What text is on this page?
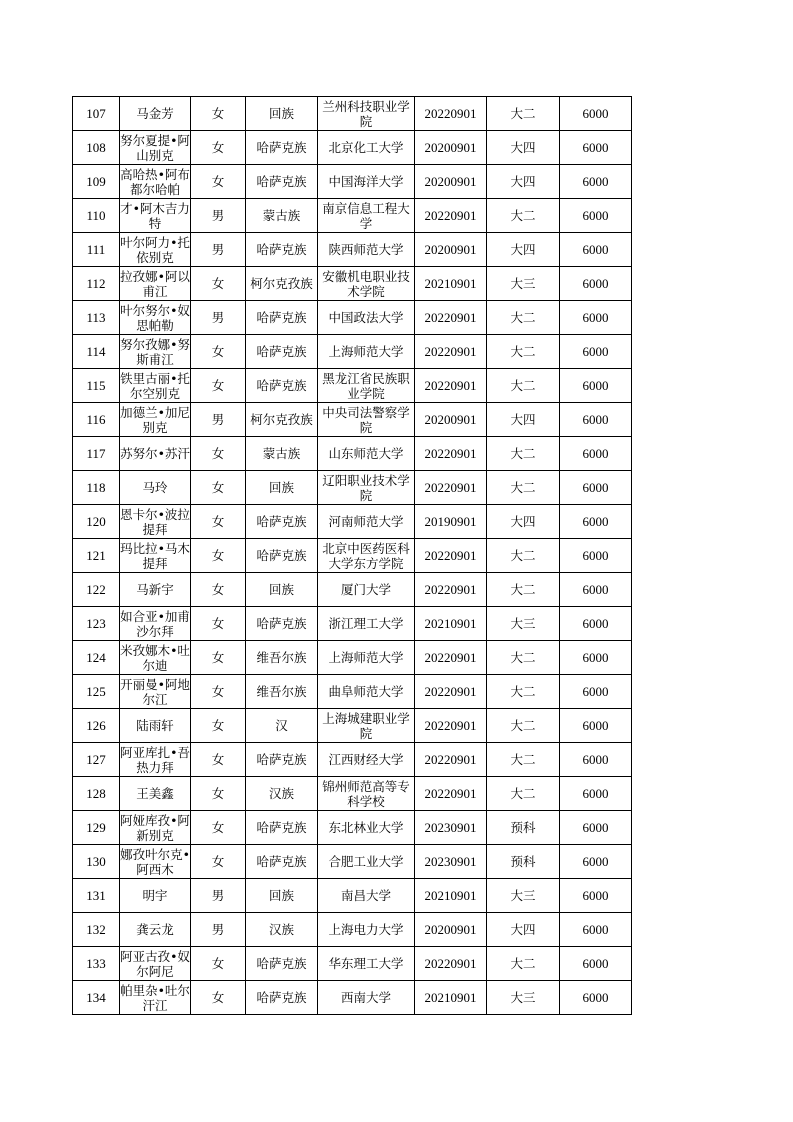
107	马金芳	女	回族	兰州科技职业学院	20220901	大二	6000
108	努尔夏提•阿山别克	女	哈萨克族	北京化工大学	20200901	大四	6000
109	高哈热•阿布都尔哈帕	女	哈萨克族	中国海洋大学	20200901	大四	6000
110	才•阿木吉力特	男	蒙古族	南京信息工程大学	20220901	大二	6000
111	叶尔阿力•托依别克	男	哈萨克族	陕西师范大学	20200901	大四	6000
112	拉孜娜•阿以甫江	女	柯尔克孜族	安徽机电职业技术学院	20210901	大三	6000
113	叶尔努尔•奴思帕勒	男	哈萨克族	中国政法大学	20220901	大二	6000
114	努尔孜娜•努斯甫江	女	哈萨克族	上海师范大学	20220901	大二	6000
115	铁里古丽•托尔空别克	女	哈萨克族	黑龙江省民族职业学院	20220901	大二	6000
116	加德兰•加尼别克	男	柯尔克孜族	中央司法警察学院	20200901	大四	6000
117	苏努尔•苏汗	女	蒙古族	山东师范大学	20220901	大二	6000
118	马玲	女	回族	辽阳职业技术学院	20220901	大二	6000
120	恩卡尔•波拉提拜	女	哈萨克族	河南师范大学	20190901	大四	6000
121	玛比拉•马木提拜	女	哈萨克族	北京中医药医科大学东方学院	20220901	大二	6000
122	马新宇	女	回族	厦门大学	20220901	大二	6000
123	如合亚•加甫沙尔拜	女	哈萨克族	浙江理工大学	20210901	大三	6000
124	米孜娜木•吐尔迪	女	维吾尔族	上海师范大学	20220901	大二	6000
125	开丽曼•阿地尔江	女	维吾尔族	曲阜师范大学	20220901	大二	6000
126	陆雨轩	女	汉	上海城建职业学院	20220901	大二	6000
127	阿亚库扎•吾热力拜	女	哈萨克族	江西财经大学	20220901	大二	6000
128	王美鑫	女	汉族	锦州师范高等专科学校	20220901	大二	6000
129	阿娅库孜•阿新别克	女	哈萨克族	东北林业大学	20230901	预科	6000
130	娜孜叶尔克•阿西木	女	哈萨克族	合肥工业大学	20230901	预科	6000
131	明宇	男	回族	南昌大学	20210901	大三	6000
132	龚云龙	男	汉族	上海电力大学	20200901	大四	6000
133	阿亚古孜•奴尔阿尼	女	哈萨克族	华东理工大学	20220901	大二	6000
134	帕里杂•吐尔汗江	女	哈萨克族	西南大学	20210901	大三	6000
